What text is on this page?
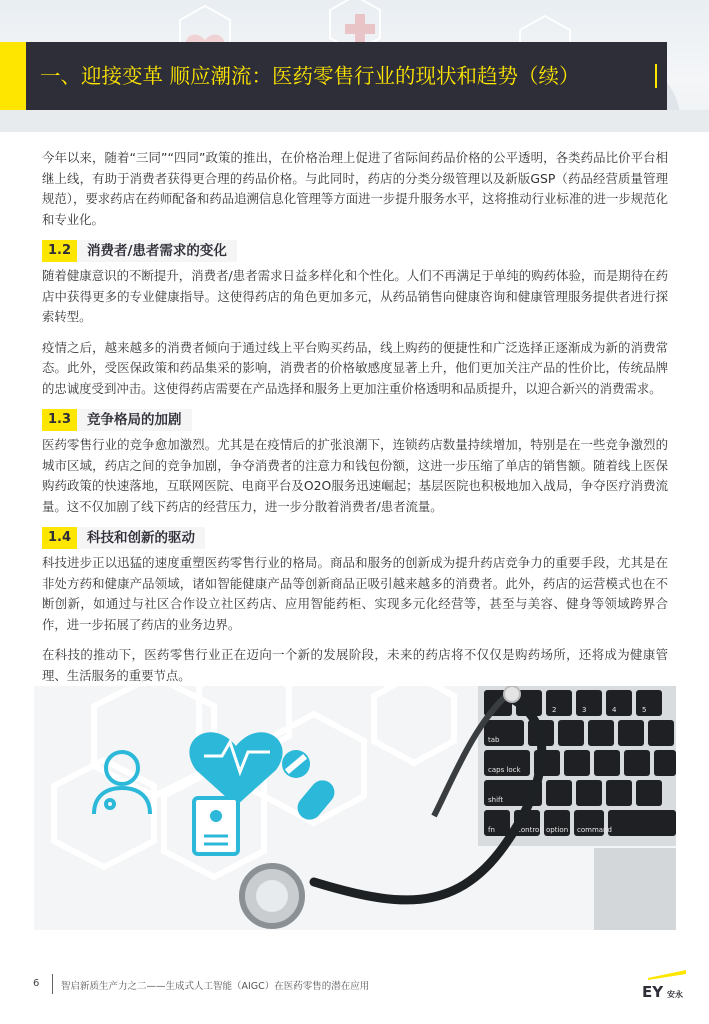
一、迎接变革 顺应潮流：医药零售行业的现状和趋势（续）

今年以来，随着“三同”“四同”政策的推出，在价格治理上促进了省际间药品价格的公平透明，各类药品比价平台相继上线，有助于消费者获得更合理的药品价格。与此同时，药店的分类分级管理以及新版GSP（药品经营质量管理规范），要求药店在药师配备和药品追溯信息化管理等方面进一步提升服务水平，这将推动行业标准的进一步规范化和专业化。

1.2	消费者/患者需求的变化

随着健康意识的不断提升，消费者/患者需求日益多样化和个性化。人们不再满足于单纯的购药体验，而是期待在药店中获得更多的专业健康指导。这使得药店的角色更加多元，从药品销售向健康咨询和健康管理服务提供者进行探索转型。

疫情之后，越来越多的消费者倾向于通过线上平台购买药品，线上购药的便捷性和广泛选择正逐渐成为新的消费常态。此外，受医保政策和药品集采的影响，消费者的价格敏感度显著上升，他们更加关注产品的性价比，传统品牌的忠诚度受到冲击。这使得药店需要在产品选择和服务上更加注重价格透明和品质提升，以迎合新兴的消费需求。

1.3	竞争格局的加剧

医药零售行业的竞争愈加激烈。尤其是在疫情后的扩张浪潮下，连锁药店数量持续增加，特别是在一些竞争激烈的城市区域，药店之间的竞争加剧，争夺消费者的注意力和钱包份额，这进一步压缩了单店的销售额。随着线上医保购药政策的快速落地，互联网医院、电商平台及O2O服务迅速崛起；基层医院也积极地加入战局，争夺医疗消费流量。这不仅加剧了线下药店的经营压力，进一步分散着消费者/患者流量。

1.4	科技和创新的驱动

科技进步正以迅猛的速度重塑医药零售行业的格局。商品和服务的创新成为提升药店竞争力的重要手段，尤其是在非处方药和健康产品领域，诸如智能健康产品等创新商品正吸引越来越多的消费者。此外，药店的运营模式也在不断创新，如通过与社区合作设立社区药店、应用智能药柜、实现多元化经营等，甚至与美容、健身等领域跨界合作，进一步拓展了药店的业务边界。

在科技的推动下，医药零售行业正在迈向一个新的发展阶段，未来的药店将不仅仅是购药场所，还将成为健康管理、生活服务的重要节点。

1	2	3	4	5
tab
caps lock
shift
fn	control option command
6 智启新质生产力之二——生成式人工智能（AIGC）在医药零售的潜在应用	EY 安永
